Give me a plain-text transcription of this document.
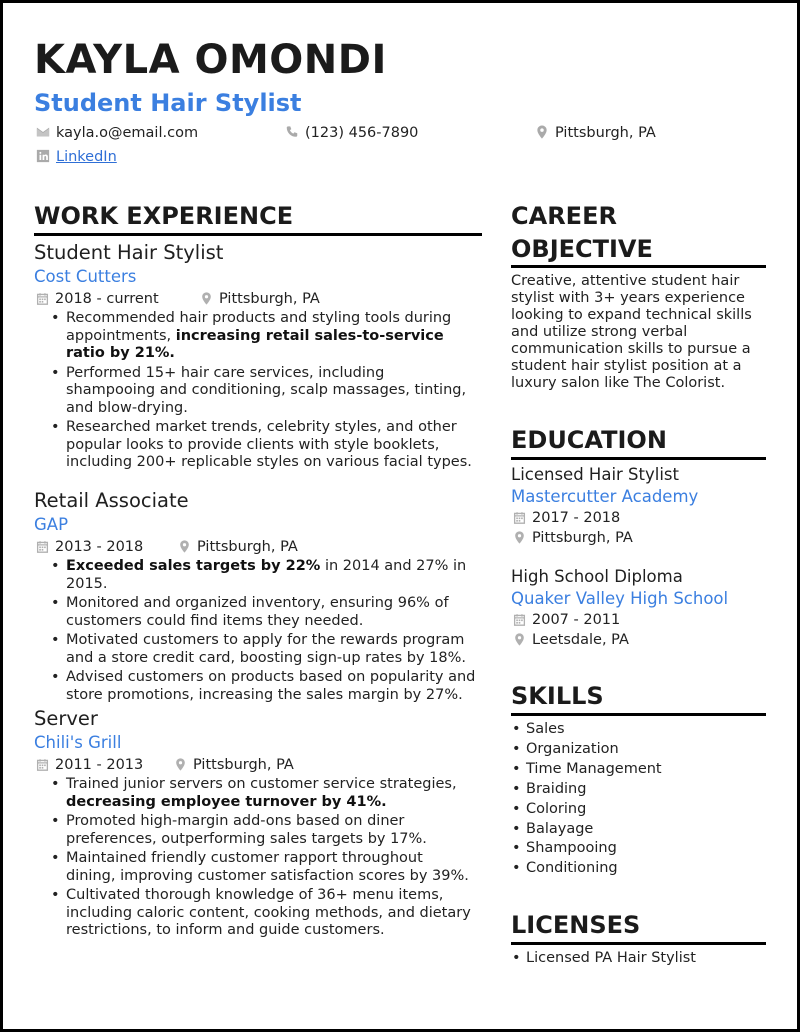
KAYLA OMONDI
Student Hair Stylist
kayla.o@email.com	(123) 456-7890	Pittsburgh, PA
LinkedIn
WORK EXPERIENCE
Student Hair Stylist
Cost Cutters
2018 - current	Pittsburgh, PA
• Recommended hair products and styling tools during appointments, increasing retail sales-to-service ratio by 21%.
• Performed 15+ hair care services, including shampooing and conditioning, scalp massages, tinting, and blow-drying.
• Researched market trends, celebrity styles, and other popular looks to provide clients with style booklets, including 200+ replicable styles on various facial types.
Retail Associate
GAP
2013 - 2018	Pittsburgh, PA
• Exceeded sales targets by 22% in 2014 and 27% in 2015.
• Monitored and organized inventory, ensuring 96% of customers could find items they needed.
• Motivated customers to apply for the rewards program and a store credit card, boosting sign-up rates by 18%.
• Advised customers on products based on popularity and store promotions, increasing the sales margin by 27%.
Server
Chili's Grill
2011 - 2013	Pittsburgh, PA
• Trained junior servers on customer service strategies, decreasing employee turnover by 41%.
• Promoted high-margin add-ons based on diner preferences, outperforming sales targets by 17%.
• Maintained friendly customer rapport throughout dining, improving customer satisfaction scores by 39%.
• Cultivated thorough knowledge of 36+ menu items, including caloric content, cooking methods, and dietary restrictions, to inform and guide customers.
CAREER
OBJECTIVE
Creative, attentive student hair stylist with 3+ years experience looking to expand technical skills and utilize strong verbal communication skills to pursue a student hair stylist position at a luxury salon like The Colorist.
EDUCATION
Licensed Hair Stylist
Mastercutter Academy
2017 - 2018
Pittsburgh, PA
High School Diploma
Quaker Valley High School
2007 - 2011
Leetsdale, PA
SKILLS
• Sales
• Organization
• Time Management
• Braiding
• Coloring
• Balayage
• Shampooing
• Conditioning
LICENSES
• Licensed PA Hair Stylist
